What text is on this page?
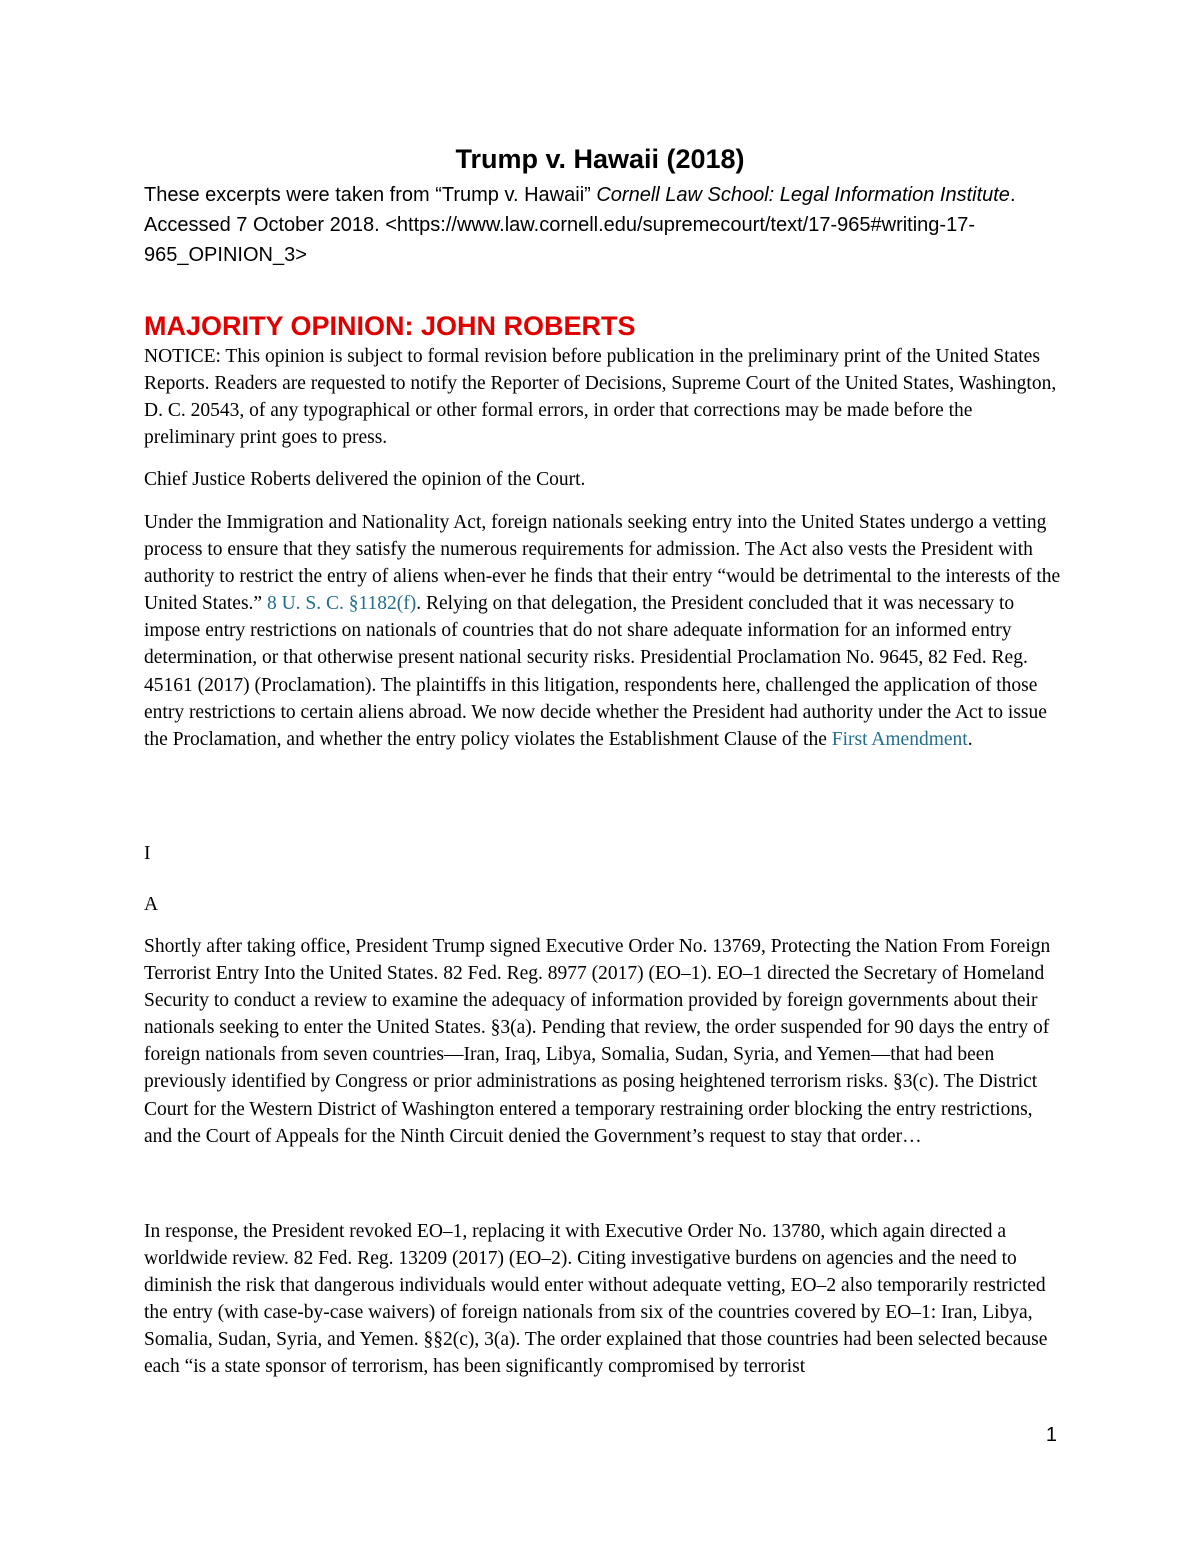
Trump v. Hawaii (2018)
These excerpts were taken from “Trump v. Hawaii” Cornell Law School: Legal Information Institute. Accessed 7 October 2018. <https://www.law.cornell.edu/supremecourt/text/17-965#writing-17-965_OPINION_3>
MAJORITY OPINION: JOHN ROBERTS

NOTICE: This opinion is subject to formal revision before publication in the preliminary print of the United States Reports. Readers are requested to notify the Reporter of Decisions, Supreme Court of the United States, Washington, D. C. 20543, of any typographical or other formal errors, in order that corrections may be made before the preliminary print goes to press.

Chief Justice Roberts delivered the opinion of the Court.

Under the Immigration and Nationality Act, foreign nationals seeking entry into the United States undergo a vetting process to ensure that they satisfy the numerous requirements for admission. The Act also vests the President with authority to restrict the entry of aliens when-ever he finds that their entry “would be detrimental to the interests of the United States.” 8 U. S. C. §1182(f). Relying on that delegation, the President concluded that it was necessary to impose entry restrictions on nationals of countries that do not share adequate information for an informed entry determination, or that otherwise present national security risks. Presidential Proclamation No. 9645, 82 Fed. Reg. 45161 (2017) (Proclamation). The plaintiffs in this litigation, respondents here, challenged the application of those entry restrictions to certain aliens abroad. We now decide whether the President had authority under the Act to issue the Proclamation, and whether the entry policy violates the Establishment Clause of the First Amendment.

I
A

Shortly after taking office, President Trump signed Executive Order No. 13769, Protecting the Nation From Foreign Terrorist Entry Into the United States. 82 Fed. Reg. 8977 (2017) (EO–1). EO–1 directed the Secretary of Homeland Security to conduct a review to examine the adequacy of information provided by foreign governments about their nationals seeking to enter the United States. §3(a). Pending that review, the order suspended for 90 days the entry of foreign nationals from seven countries—Iran, Iraq, Libya, Somalia, Sudan, Syria, and Yemen—that had been previously identified by Congress or prior administrations as posing heightened terrorism risks. §3(c). The District Court for the Western District of Washington entered a temporary restraining order blocking the entry restrictions, and the Court of Appeals for the Ninth Circuit denied the Government’s request to stay that order…

In response, the President revoked EO–1, replacing it with Executive Order No. 13780, which again directed a worldwide review. 82 Fed. Reg. 13209 (2017) (EO–2). Citing investigative burdens on agencies and the need to diminish the risk that dangerous individuals would enter without adequate vetting, EO–2 also temporarily restricted the entry (with case-by-case waivers) of foreign nationals from six of the countries covered by EO–1: Iran, Libya, Somalia, Sudan, Syria, and Yemen. §§2(c), 3(a). The order explained that those countries had been selected because each “is a state sponsor of terrorism, has been significantly compromised by terrorist

1
